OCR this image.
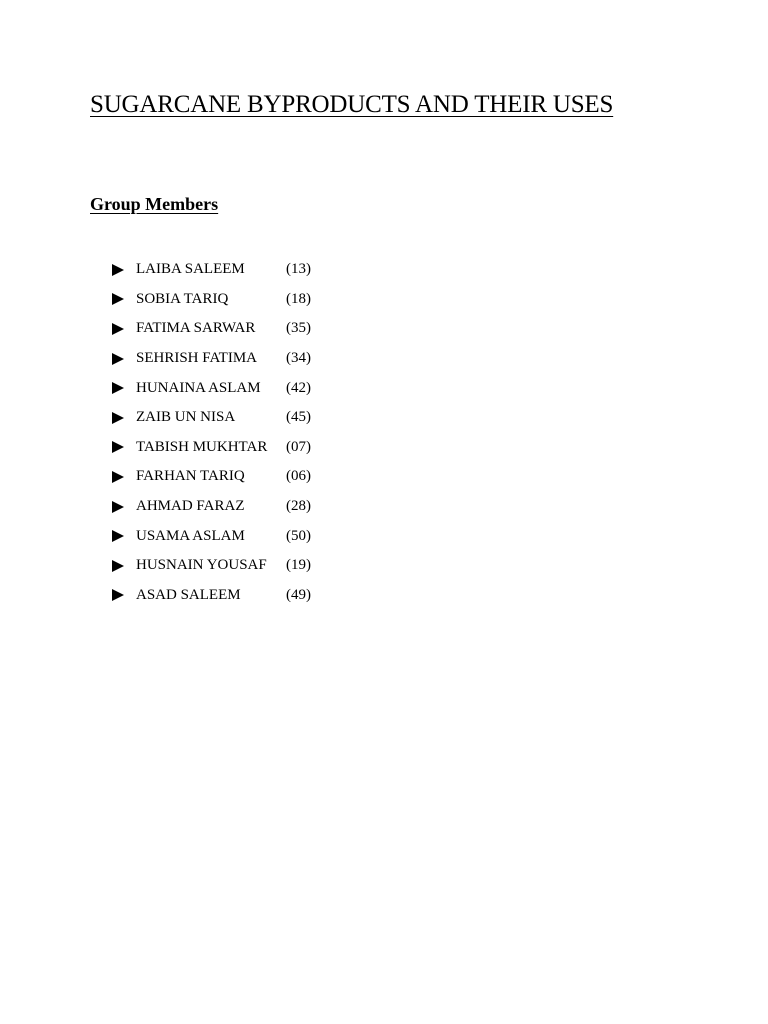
SUGARCANE BYPRODUCTS AND THEIR USES
Group Members
LAIBA SALEEM	(13)
SOBIA TARIQ	(18)
FATIMA SARWAR	(35)
SEHRISH FATIMA	(34)
HUNAINA ASLAM	(42)
ZAIB UN NISA	(45)
TABISH MUKHTAR	(07)
FARHAN TARIQ	(06)
AHMAD FARAZ	(28)
USAMA ASLAM	(50)
HUSNAIN YOUSAF	(19)
ASAD SALEEM	(49)
